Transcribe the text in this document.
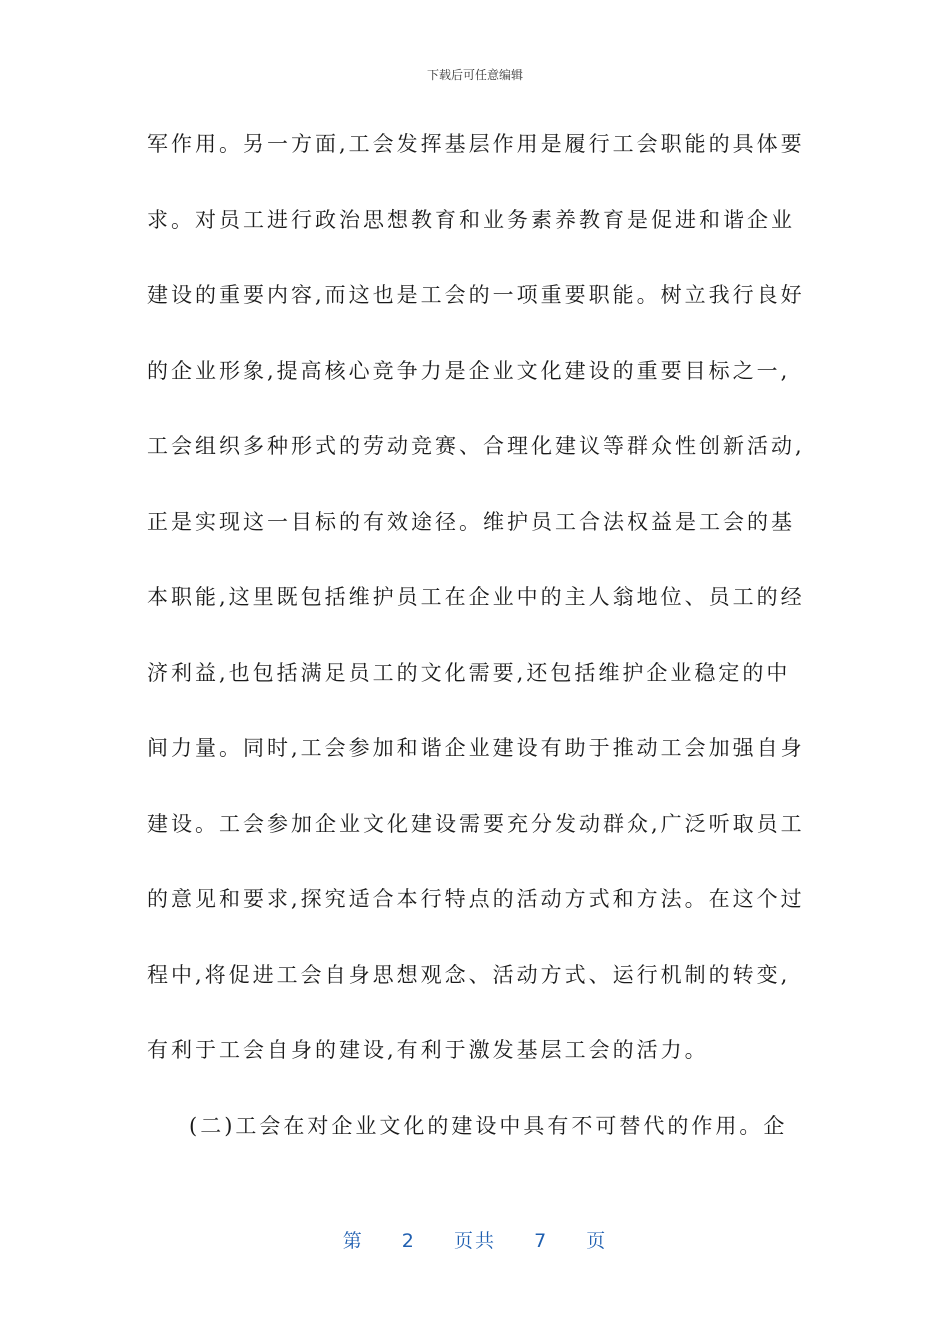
下载后可任意编辑
军作用。另一方面,工会发挥基层作用是履行工会职能的具体要
求。对员工进行政治思想教育和业务素养教育是促进和谐企业
建设的重要内容,而这也是工会的一项重要职能。树立我行良好
的企业形象,提高核心竞争力是企业文化建设的重要目标之一,
工会组织多种形式的劳动竞赛、合理化建议等群众性创新活动,
正是实现这一目标的有效途径。维护员工合法权益是工会的基
本职能,这里既包括维护员工在企业中的主人翁地位、员工的经
济利益,也包括满足员工的文化需要,还包括维护企业稳定的中
间力量。同时,工会参加和谐企业建设有助于推动工会加强自身
建设。工会参加企业文化建设需要充分发动群众,广泛听取员工
的意见和要求,探究适合本行特点的活动方式和方法。在这个过
程中,将促进工会自身思想观念、活动方式、运行机制的转变,
有利于工会自身的建设,有利于激发基层工会的活力。
(二)工会在对企业文化的建设中具有不可替代的作用。企
第 2 页共 7 页
